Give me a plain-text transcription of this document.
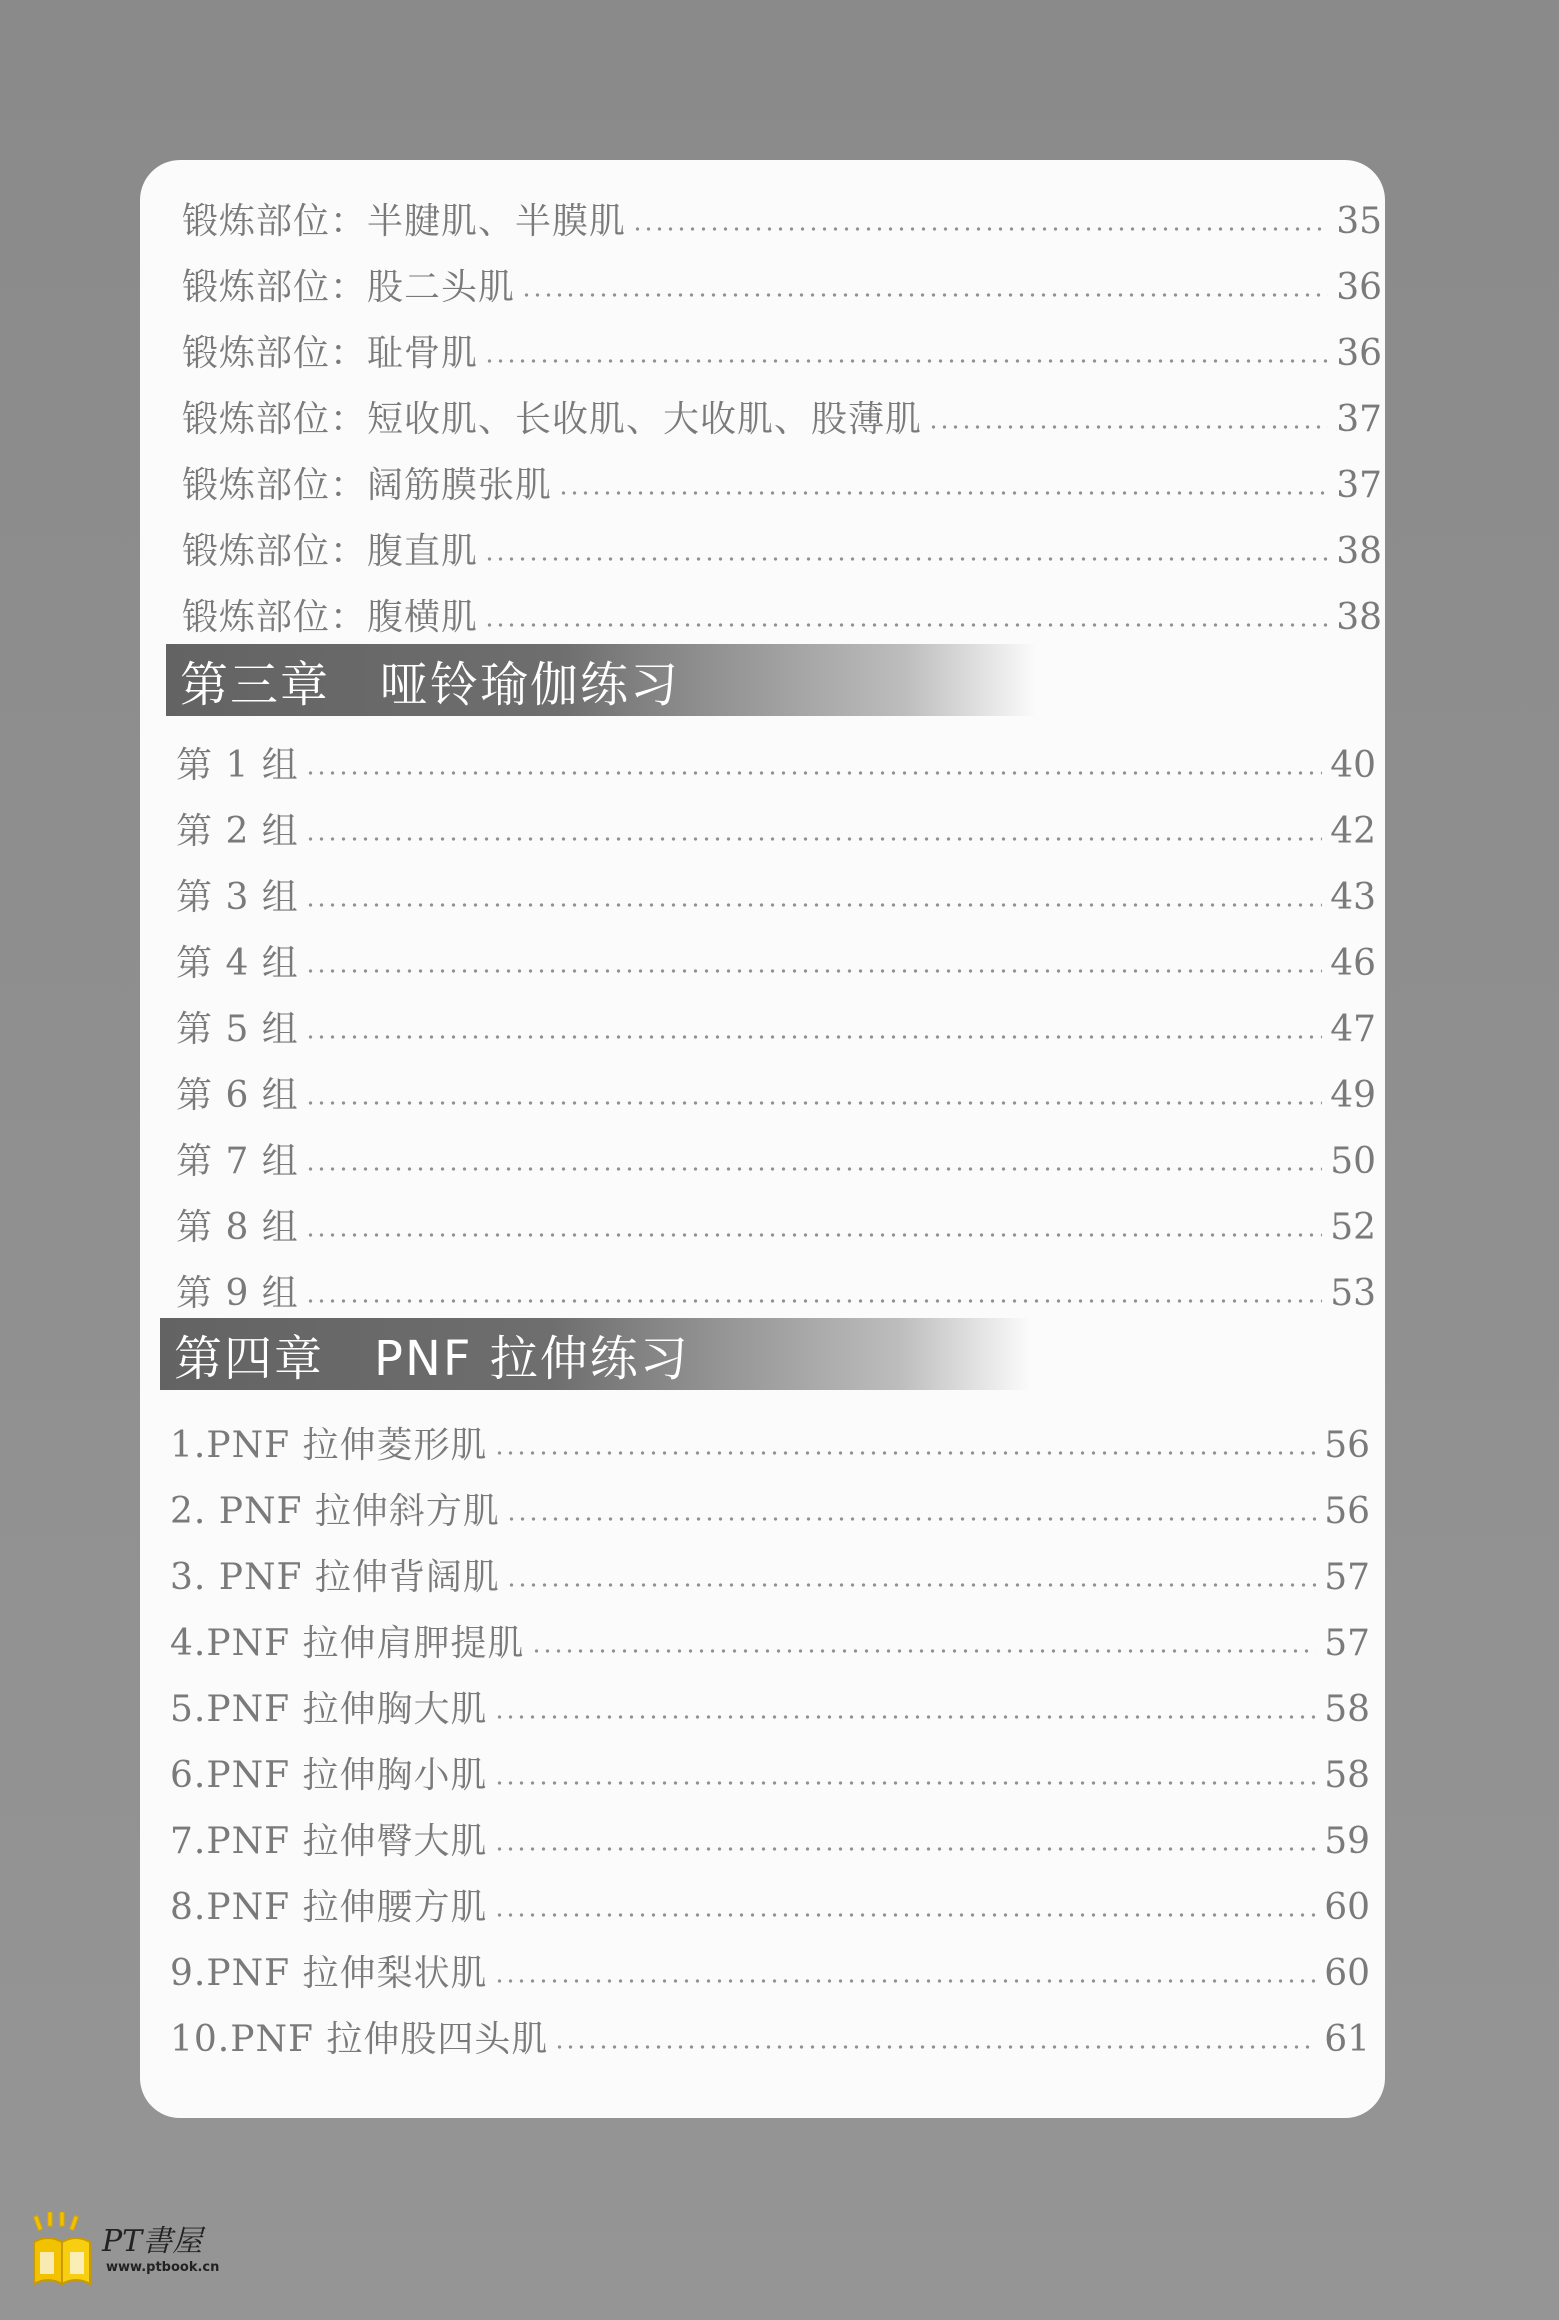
锻炼部位：半腱肌、半膜肌	35
锻炼部位：股二头肌	36
锻炼部位：耻骨肌	36
锻炼部位：短收肌、长收肌、大收肌、股薄肌	37
锻炼部位：阔筋膜张肌	37
锻炼部位：腹直肌	38
锻炼部位：腹横肌	38
第三章　哑铃瑜伽练习
第 1 组	40
第 2 组	42
第 3 组	43
第 4 组	46
第 5 组	47
第 6 组	49
第 7 组	50
第 8 组	52
第 9 组	53
第四章　PNF 拉伸练习
1.PNF 拉伸菱形肌	56
2. PNF 拉伸斜方肌	56
3. PNF 拉伸背阔肌	57
4.PNF 拉伸肩胛提肌	57
5.PNF 拉伸胸大肌	58
6.PNF 拉伸胸小肌	58
7.PNF 拉伸臀大肌	59
8.PNF 拉伸腰方肌	60
9.PNF 拉伸梨状肌	60
10.PNF 拉伸股四头肌	61
PT書屋
www.ptbook.cn
